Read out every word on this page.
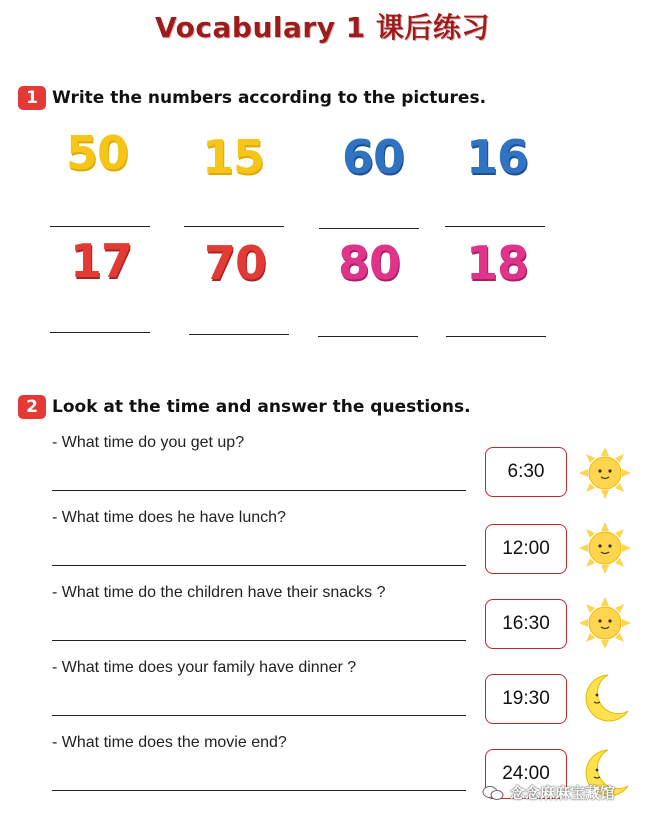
Vocabulary 1 课后练习
1 Write the numbers according to the pictures.
50	15	60	16
17	70	80	18
2 Look at the time and answer the questions.
- What time do you get up?
6:30
- What time does he have lunch?
12:00
- What time do the children have their snacks ?
16:30
- What time does your family have dinner ?
19:30
- What time does the movie end?
24:00
念念麻麻宝藏馆
